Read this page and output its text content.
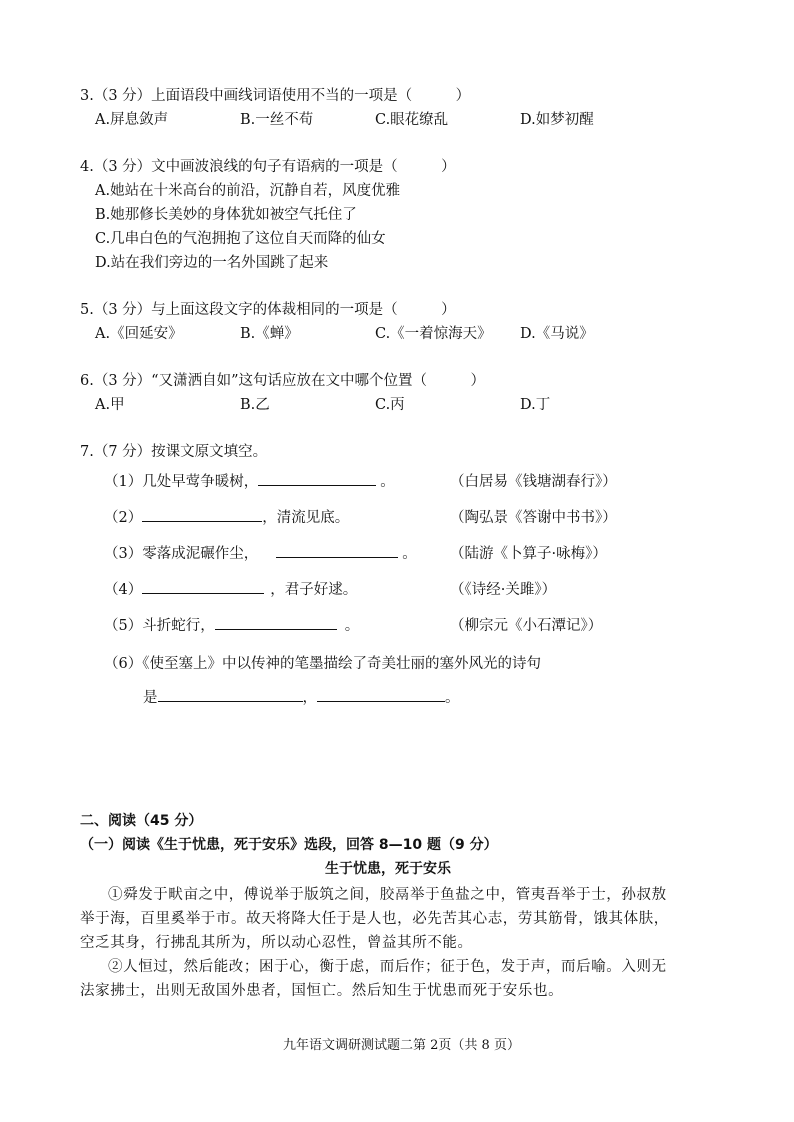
3.（3 分）上面语段中画线词语使用不当的一项是（　　　）
A.屏息敛声	B.一丝不苟	C.眼花缭乱	D.如梦初醒
4.（3 分）文中画波浪线的句子有语病的一项是（　　　）
A.她站在十米高台的前沿，沉静自若，风度优雅
B.她那修长美妙的身体犹如被空气托住了
C.几串白色的气泡拥抱了这位自天而降的仙女
D.站在我们旁边的一名外国跳了起来
5.（3 分）与上面这段文字的体裁相同的一项是（　　　）
A.《回延安》	B.《蝉》	C.《一着惊海天》 D.《马说》
6.（3 分）“又潇洒自如”这句话应放在文中哪个位置（　　　）
A.甲	B.乙	C.丙	D.丁
7.（7 分）按课文原文填空。
（1）几处早莺争暖树，	。	（白居易《钱塘湖春行》）
（2）	，清流见底。	（陶弘景《答谢中书书》）
（3）零落成泥碾作尘，	。 （陆游《卜算子·咏梅》）
（4）	，君子好逑。	（《诗经·关雎》）
（5）斗折蛇行，	。	（柳宗元《小石潭记》）
（6）《使至塞上》中以传神的笔墨描绘了奇美壮丽的塞外风光的诗句
是	，	。
二、阅读（45 分）
（一）阅读《生于忧患，死于安乐》选段，回答 8—10 题（9 分）
生于忧患，死于安乐
①舜发于畎亩之中，傅说举于版筑之间，胶鬲举于鱼盐之中，管夷吾举于士，孙叔敖
举于海，百里奚举于市。故天将降大任于是人也，必先苦其心志，劳其筋骨，饿其体肤，
空乏其身，行拂乱其所为，所以动心忍性，曾益其所不能。
②人恒过，然后能改；困于心，衡于虑，而后作；征于色，发于声，而后喻。入则无
法家拂士，出则无敌国外患者，国恒亡。然后知生于忧患而死于安乐也。
九年语文调研测试题二第 2页（共 8 页）
